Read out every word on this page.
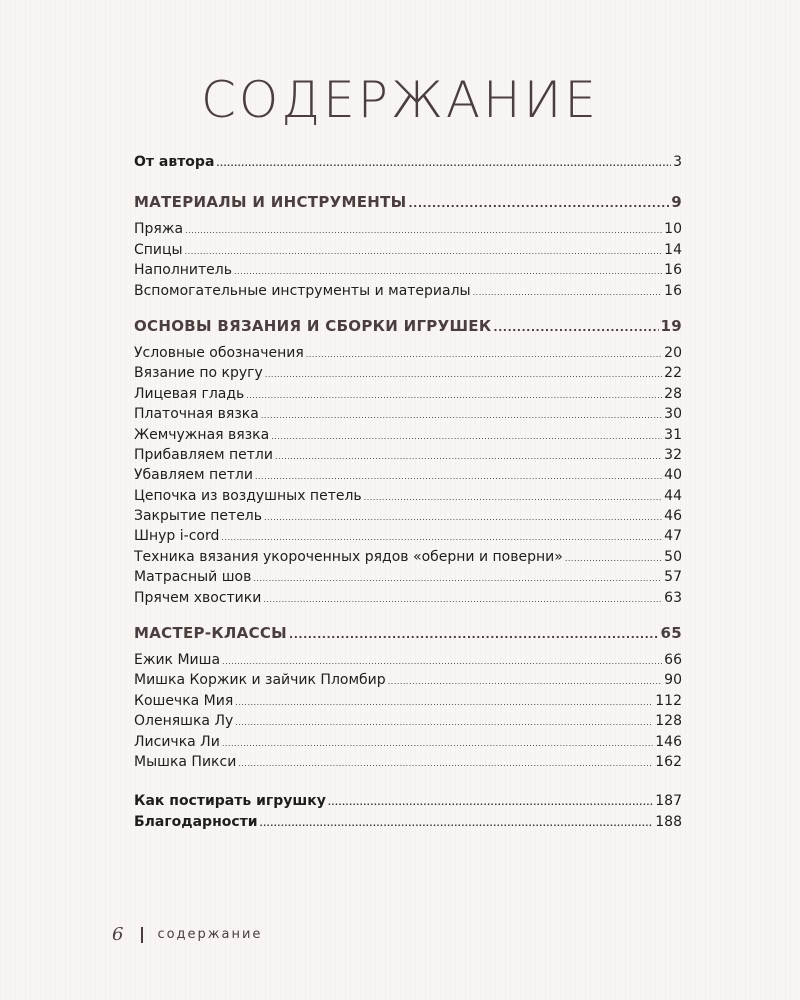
СОДЕРЖАНИЕ
От автора .....	3
МАТЕРИАЛЫ И ИНСТРУМЕНТЫ .....	9
Пряжа .....	10
Спицы .....	14
Наполнитель .....	16
Вспомогательные инструменты и материалы .....	16
ОСНОВЫ ВЯЗАНИЯ И СБОРКИ ИГРУШЕК .....	19
Условные обозначения .....	20
Вязание по кругу .....	22
Лицевая гладь .....	28
Платочная вязка .....	30
Жемчужная вязка .....	31
Прибавляем петли .....	32
Убавляем петли .....	40
Цепочка из воздушных петель .....	44
Закрытие петель .....	46
Шнур i-cord .....	47
Техника вязания укороченных рядов «оберни и поверни» .....	50
Матрасный шов .....	57
Прячем хвостики .....	63
МАСТЕР-КЛАССЫ .....	65
Ежик Миша .....	66
Мишка Коржик и зайчик Пломбир .....	90
Кошечка Мия .....	112
Оленяшка Лу .....	128
Лисичка Ли .....	146
Мышка Пикси .....	162
Как постирать игрушку .....	187
Благодарности .....	188
6	содержание
